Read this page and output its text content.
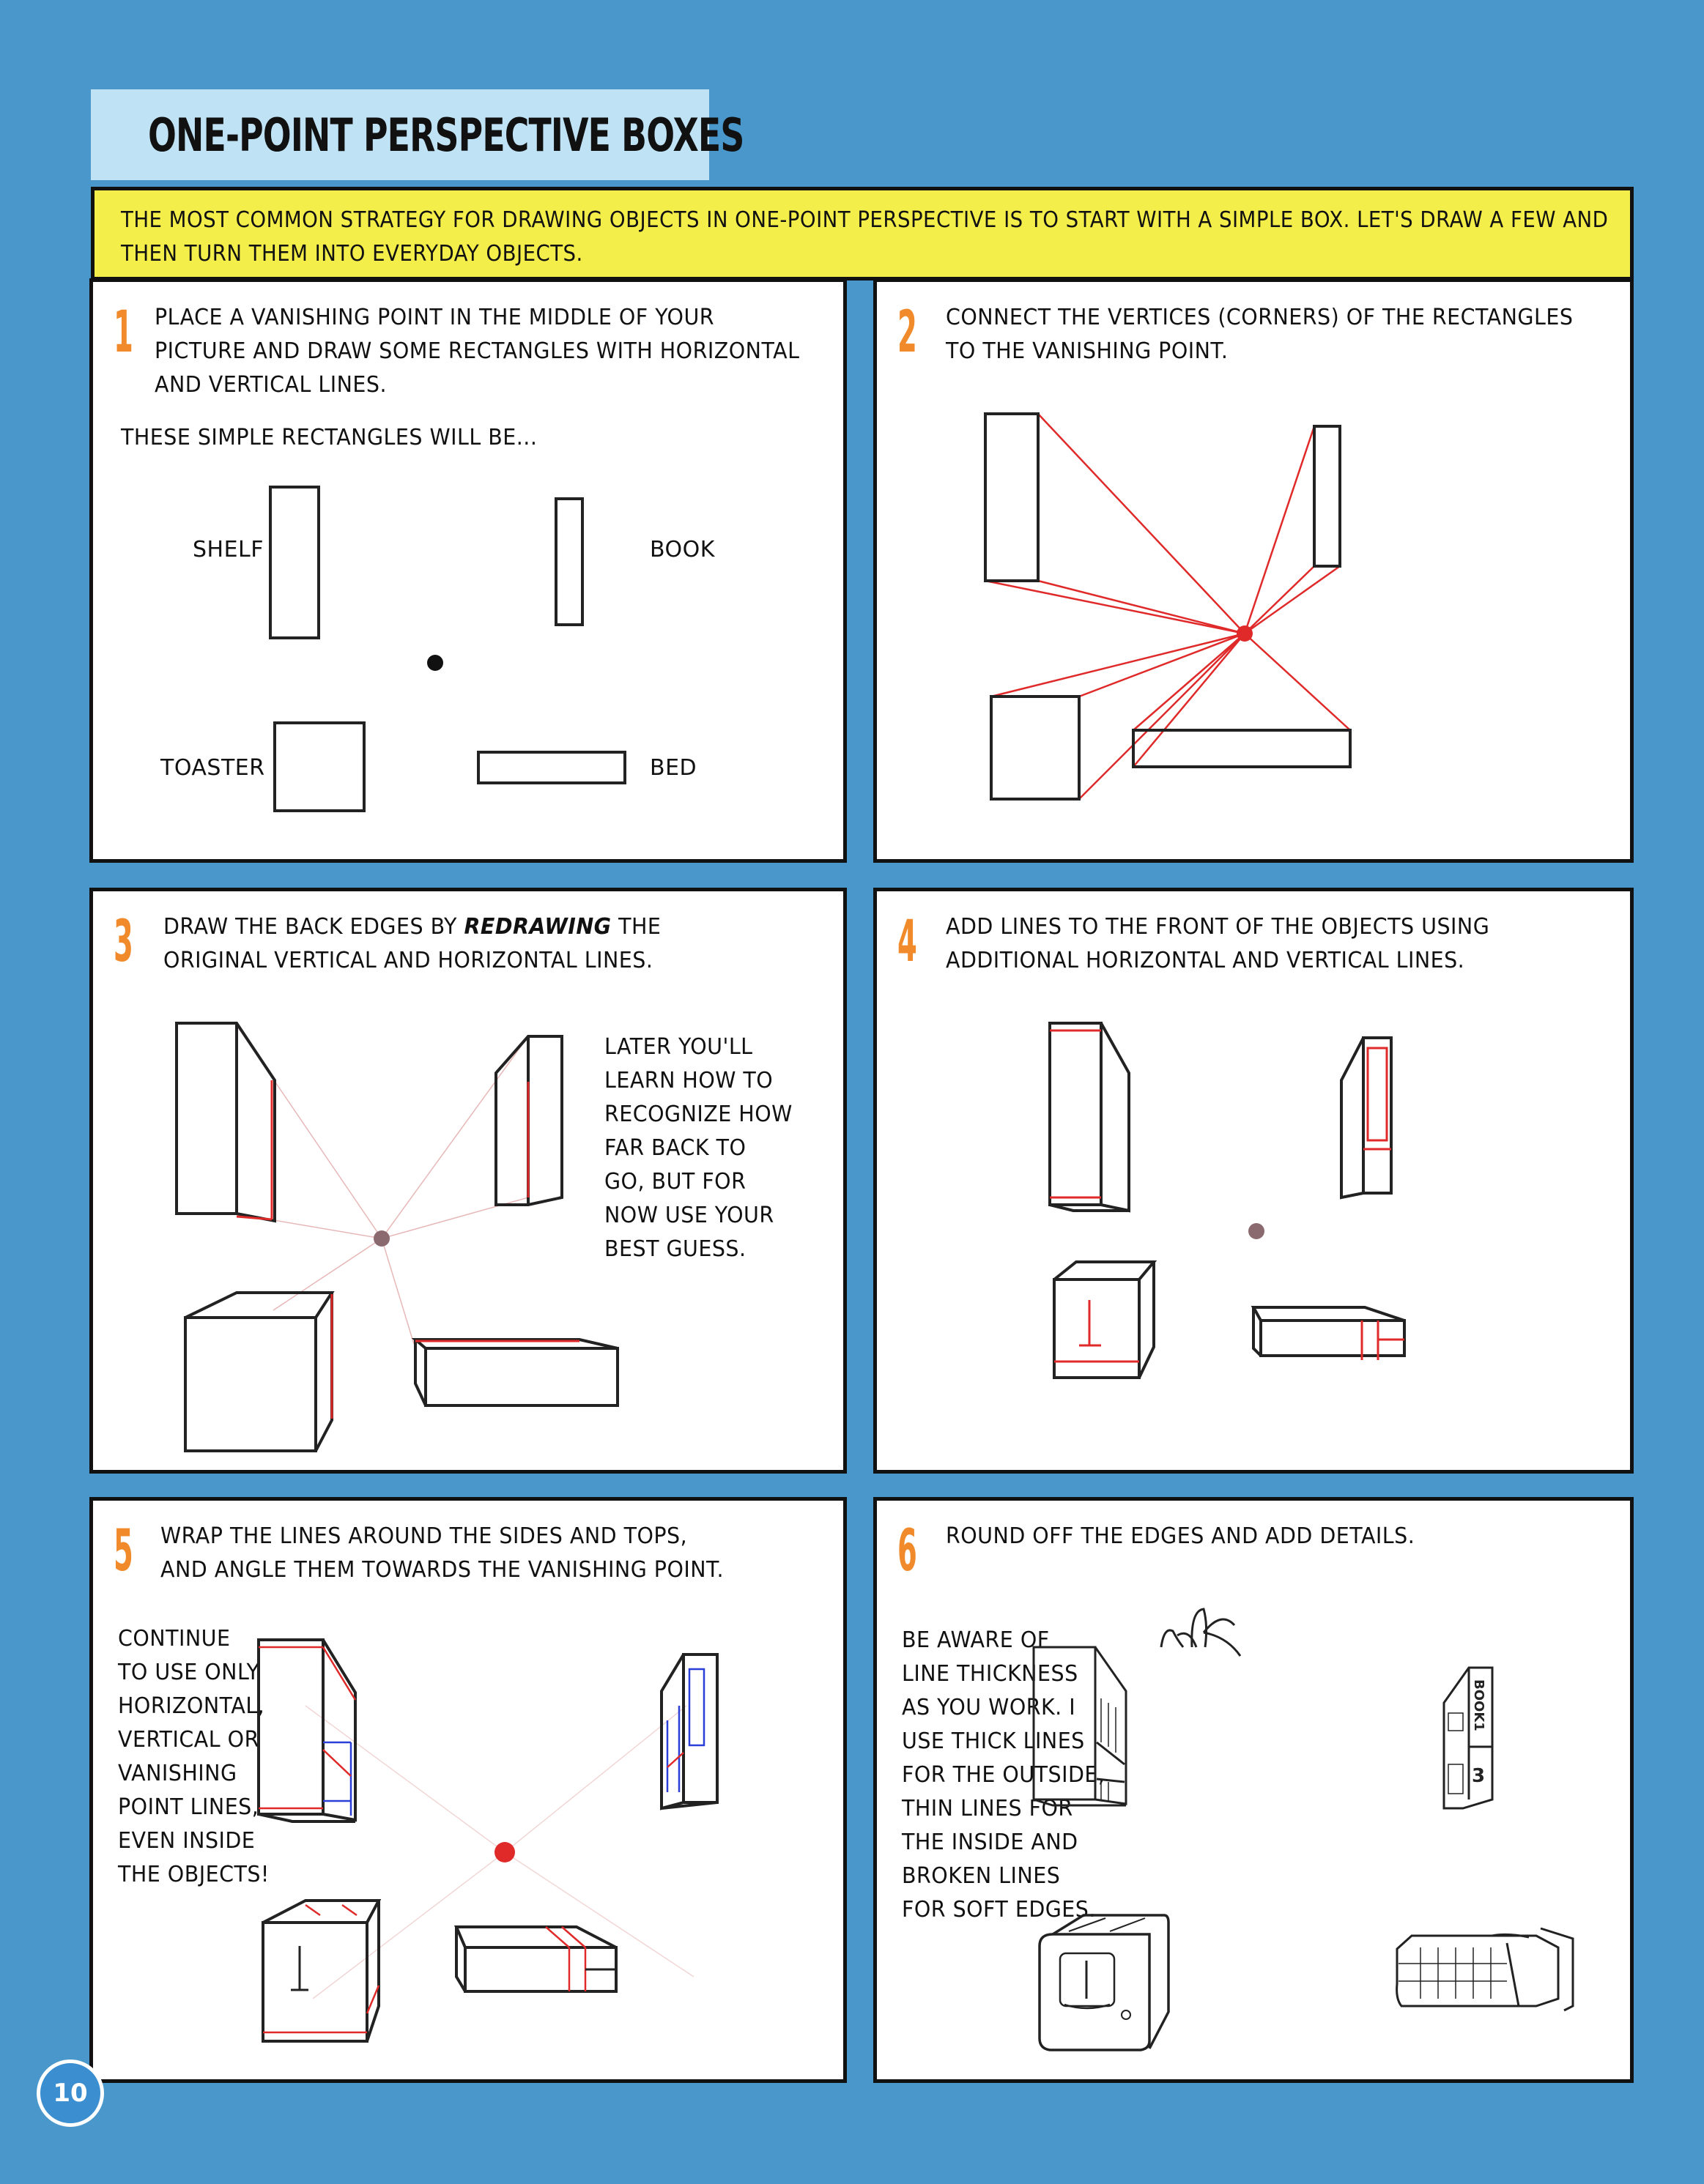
ONE-POINT PERSPECTIVE BOXES

THE MOST COMMON STRATEGY FOR DRAWING OBJECTS IN ONE-POINT PERSPECTIVE IS TO START WITH A SIMPLE BOX. LET'S DRAW A FEW AND THEN TURN THEM INTO EVERYDAY OBJECTS.

1 PLACE A VANISHING POINT IN THE MIDDLE OF YOUR
PICTURE AND DRAW SOME RECTANGLES WITH HORIZONTAL
AND VERTICAL LINES.
THESE SIMPLE RECTANGLES WILL BE...
SHELF	BOOK
TOASTER	BED
2 CONNECT THE VERTICES (CORNERS) OF THE RECTANGLES
TO THE VANISHING POINT.
3 DRAW THE BACK EDGES BY REDRAWING THE
ORIGINAL VERTICAL AND HORIZONTAL LINES.
LATER YOU'LL
LEARN HOW TO
RECOGNIZE HOW
FAR BACK TO
GO, BUT FOR
NOW USE YOUR
BEST GUESS.
4 ADD LINES TO THE FRONT OF THE OBJECTS USING
ADDITIONAL HORIZONTAL AND VERTICAL LINES.
5 WRAP THE LINES AROUND THE SIDES AND TOPS,
AND ANGLE THEM TOWARDS THE VANISHING POINT.
CONTINUE
TO USE ONLY
HORIZONTAL,
VERTICAL OR
VANISHING
POINT LINES,
EVEN INSIDE
THE OBJECTS!
6 ROUND OFF THE EDGES AND ADD DETAILS.
BE AWARE OF
LINE THICKNESS
AS YOU WORK. I
USE THICK LINES
FOR THE OUTSIDE,
THIN LINES FOR
THE INSIDE AND
BROKEN LINES
FOR SOFT EDGES.
BOOK1
3
10
